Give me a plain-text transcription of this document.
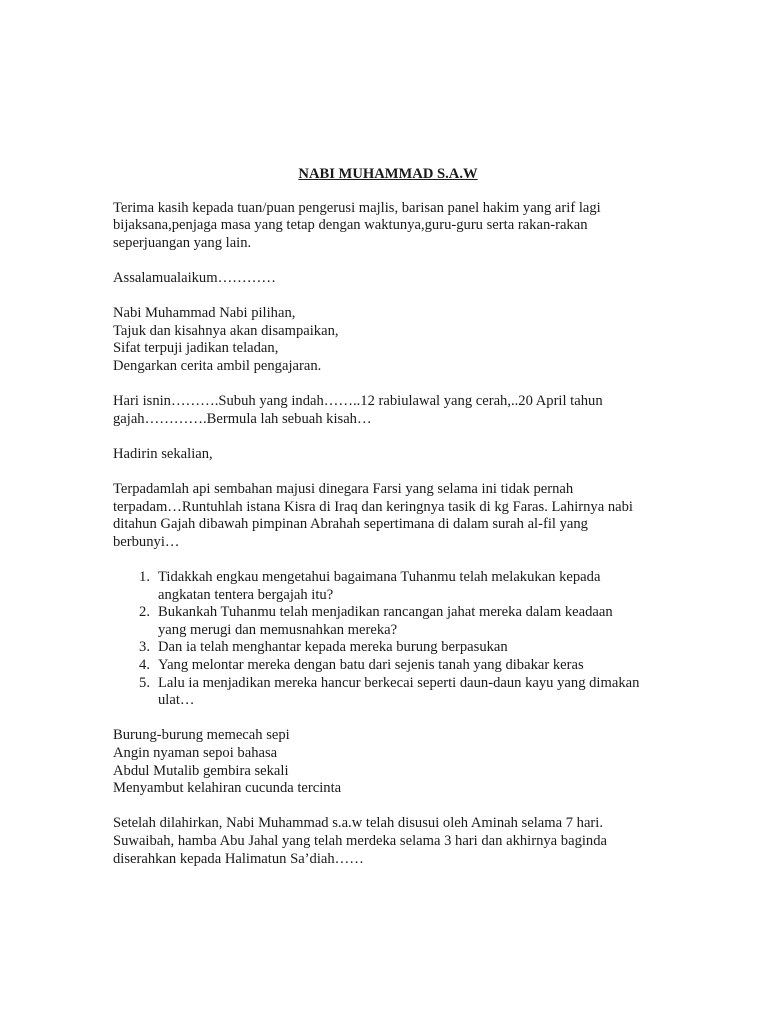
NABI MUHAMMAD S.A.W

Terima kasih kepada tuan/puan pengerusi majlis, barisan panel hakim yang arif lagi
bijaksana,penjaga masa yang tetap dengan waktunya,guru-guru serta rakan-rakan
seperjuangan yang lain.

Assalamualaikum…………

Nabi Muhammad Nabi pilihan,
Tajuk dan kisahnya akan disampaikan,
Sifat terpuji jadikan teladan,
Dengarkan cerita ambil pengajaran.

Hari isnin……….Subuh yang indah……..12 rabiulawal yang cerah,..20 April tahun
gajah………….Bermula lah sebuah kisah…

Hadirin sekalian,

Terpadamlah api sembahan majusi dinegara Farsi yang selama ini tidak pernah
terpadam…Runtuhlah istana Kisra di Iraq dan keringnya tasik di kg Faras. Lahirnya nabi
ditahun Gajah dibawah pimpinan Abrahah sepertimana di dalam surah al-fil yang
berbunyi…

1. Tidakkah engkau mengetahui bagaimana Tuhanmu telah melakukan kepada
angkatan tentera bergajah itu?
2. Bukankah Tuhanmu telah menjadikan rancangan jahat mereka dalam keadaan
yang merugi dan memusnahkan mereka?
3. Dan ia telah menghantar kepada mereka burung berpasukan
4. Yang melontar mereka dengan batu dari sejenis tanah yang dibakar keras
5. Lalu ia menjadikan mereka hancur berkecai seperti daun-daun kayu yang dimakan
ulat…

Burung-burung memecah sepi
Angin nyaman sepoi bahasa
Abdul Mutalib gembira sekali
Menyambut kelahiran cucunda tercinta

Setelah dilahirkan, Nabi Muhammad s.a.w telah disusui oleh Aminah selama 7 hari.
Suwaibah, hamba Abu Jahal yang telah merdeka selama 3 hari dan akhirnya baginda
diserahkan kepada Halimatun Sa’diah……
